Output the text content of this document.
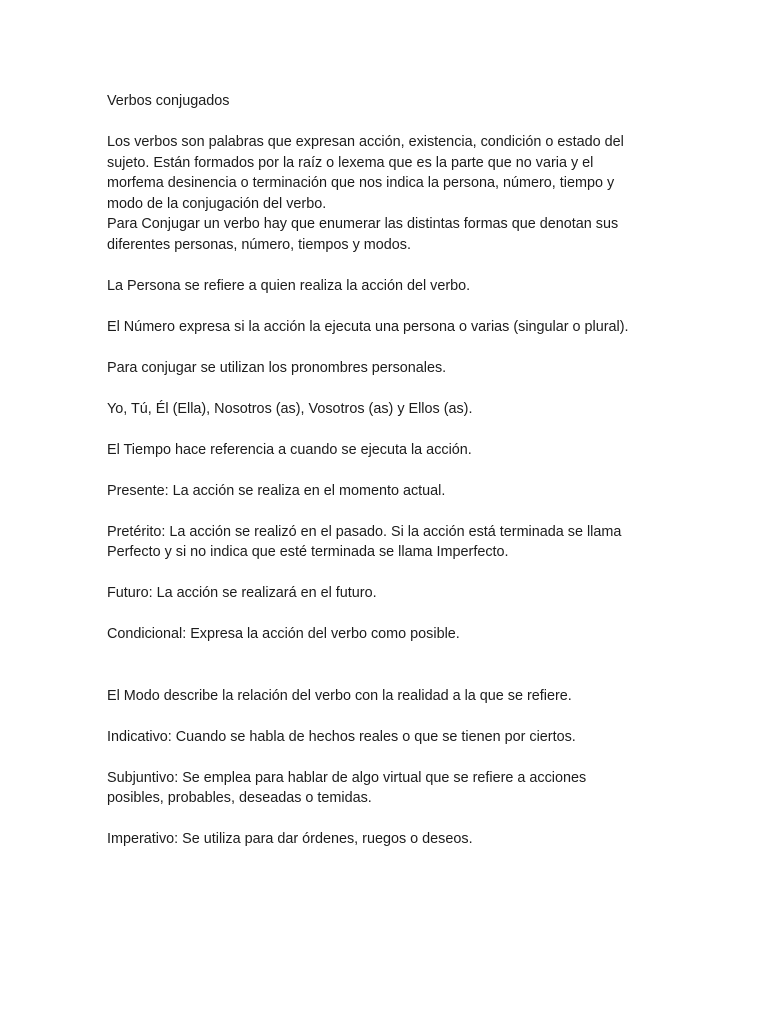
Verbos conjugados

Los verbos son palabras que expresan acción, existencia, condición o estado del

sujeto. Están formados por la raíz o lexema que es la parte que no varia y el

morfema desinencia o terminación que nos indica la persona, número, tiempo y

modo de la conjugación del verbo.

Para Conjugar un verbo hay que enumerar las distintas formas que denotan sus

diferentes personas, número, tiempos y modos.

La Persona se refiere a quien realiza la acción del verbo.

El Número expresa si la acción la ejecuta una persona o varias (singular o plural).

Para conjugar se utilizan los pronombres personales.

Yo, Tú, Él (Ella), Nosotros (as), Vosotros (as) y Ellos (as).

El Tiempo hace referencia a cuando se ejecuta la acción.

Presente: La acción se realiza en el momento actual.

Pretérito: La acción se realizó en el pasado. Si la acción está terminada se llama

Perfecto y si no indica que esté terminada se llama Imperfecto.

Futuro: La acción se realizará en el futuro.

Condicional: Expresa la acción del verbo como posible.

El Modo describe la relación del verbo con la realidad a la que se refiere.

Indicativo: Cuando se habla de hechos reales o que se tienen por ciertos.

Subjuntivo: Se emplea para hablar de algo virtual que se refiere a acciones

posibles, probables, deseadas o temidas.

Imperativo: Se utiliza para dar órdenes, ruegos o deseos.
